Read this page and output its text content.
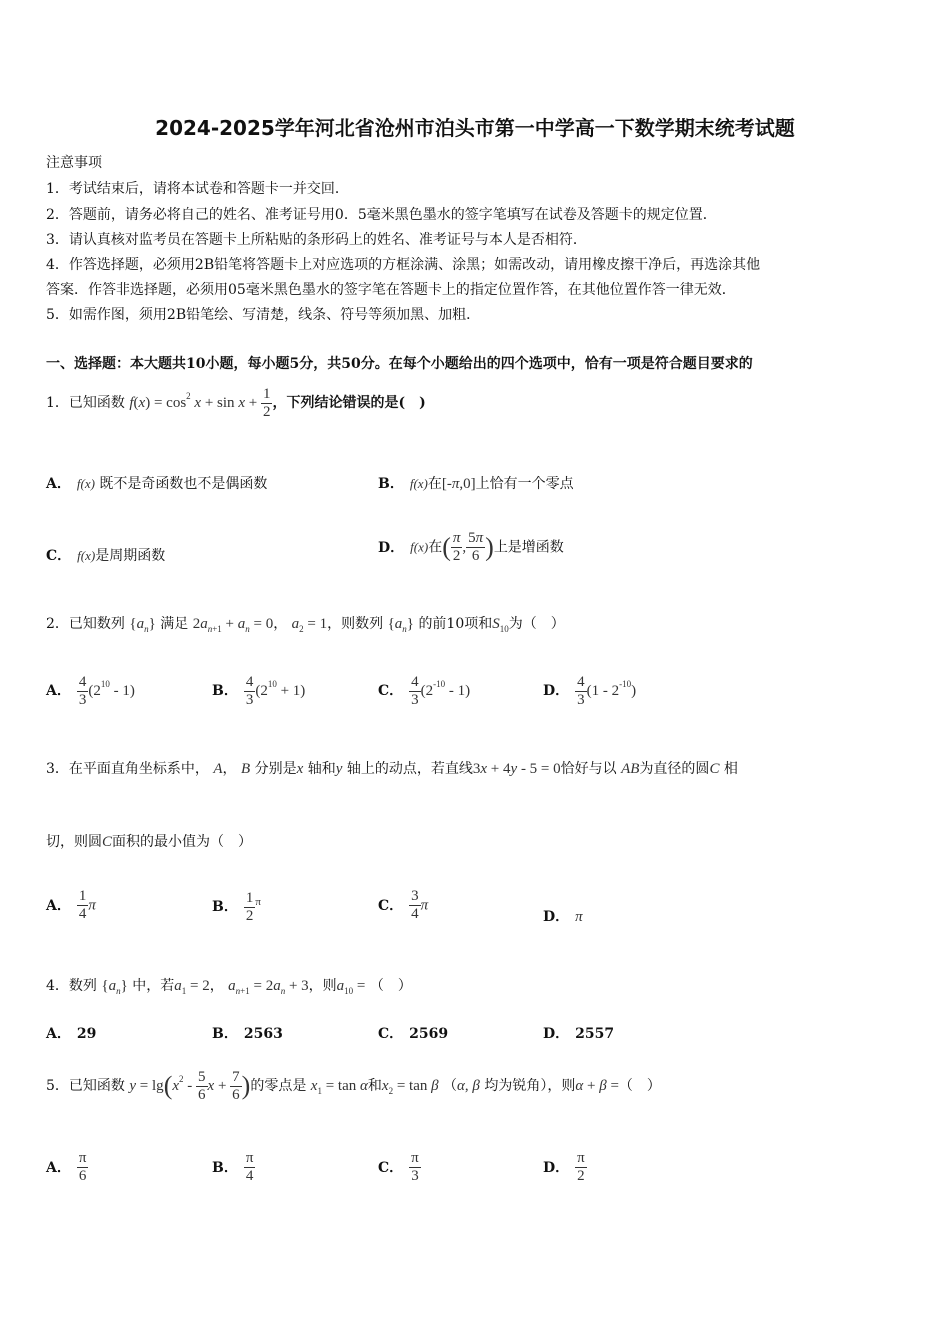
2024-2025学年河北省沧州市泊头市第一中学高一下数学期末统考试题
注意事项
1．考试结束后，请将本试卷和答题卡一并交回．
2．答题前，请务必将自己的姓名、准考证号用0．5毫米黑色墨水的签字笔填写在试卷及答题卡的规定位置．
3．请认真核对监考员在答题卡上所粘贴的条形码上的姓名、准考证号与本人是否相符．
4．作答选择题，必须用2B铅笔将答题卡上对应选项的方框涂满、涂黑；如需改动，请用橡皮擦干净后，再选涂其他
答案．作答非选择题，必须用05毫米黑色墨水的签字笔在答题卡上的指定位置作答，在其他位置作答一律无效．
5．如需作图，须用2B铅笔绘、写清楚，线条、符号等须加黑、加粗．
一、选择题：本大题共10小题，每小题5分，共50分。在每个小题给出的四个选项中，恰有一项是符合题目要求的
1．已知函数 $f(x) = \cos^2 x + \sin x + \frac{1}{2}$ ，下列结论错误的是(　)
A． f(x) 既不是奇函数也不是偶函数	B． f(x)在[-π,0]上恰有一个零点
C． f(x)是周期函数
D． f(x)在( $\frac{\pi}{2}$ , $\frac{5\pi}{6}$ )上是增函数
2．已知数列 $\{a_n\}$ 满足 $2a_{n+1} + a_n = 0$， $a_2 = 1$，则数列 $\{a_n\}$ 的前10项和$S_{10}$为（　）
A． $\frac{4}{3} (2^{10} - 1)$	B． $\frac{4}{3} (2^{10} + 1)$	C． $\frac{4}{3} (2^{-10} - 1)$	D． $\frac{4}{3} (1 - 2^{-10})$
3．在平面直角坐标系中， A， B 分别是x 轴和y 轴上的动点，若直线3x + 4y - 5 = 0恰好与以 AB为直径的圆C 相
切，则圆C面积的最小值为（　）
A． $\frac{1}{4}$ π	B． $\frac{1}{2} ^\pi$	C． $\frac{3}{4}$ π
D． π
4．数列 $\{a_n\}$ 中，若$a_1 = 2$， $a_{n+1} = 2a_n + 3$，则$a_{10}$ = （　）
A． 29	B． 2563	C． 2569	D． 2557
5．已知函数 $y = \lg(x^2 - \frac{5}{6}$ $x + \frac{7}{6}$ )的零点是 $x_1 = \tan \alpha$和$x_2 = \tan \beta$ （α, β 均为锐角），则α + β =（　）
A． $\frac{\pi}{6}$	B． $\frac{\pi}{4}$	C． $\frac{\pi}{3}$	D． $\frac{\pi}{2}$
